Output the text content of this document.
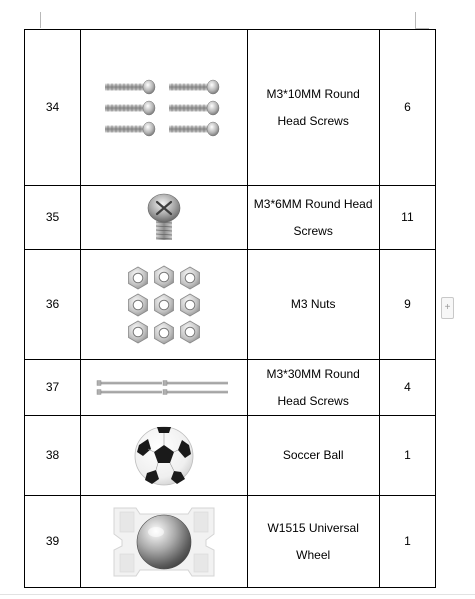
34		M3*10MM Round Head Screws	6
35		M3*6MM Round Head Screws	11
36		M3 Nuts	9
37		M3*30MM Round Head Screws	4
38		Soccer Ball	1
39		W1515 Universal Wheel	1
+
